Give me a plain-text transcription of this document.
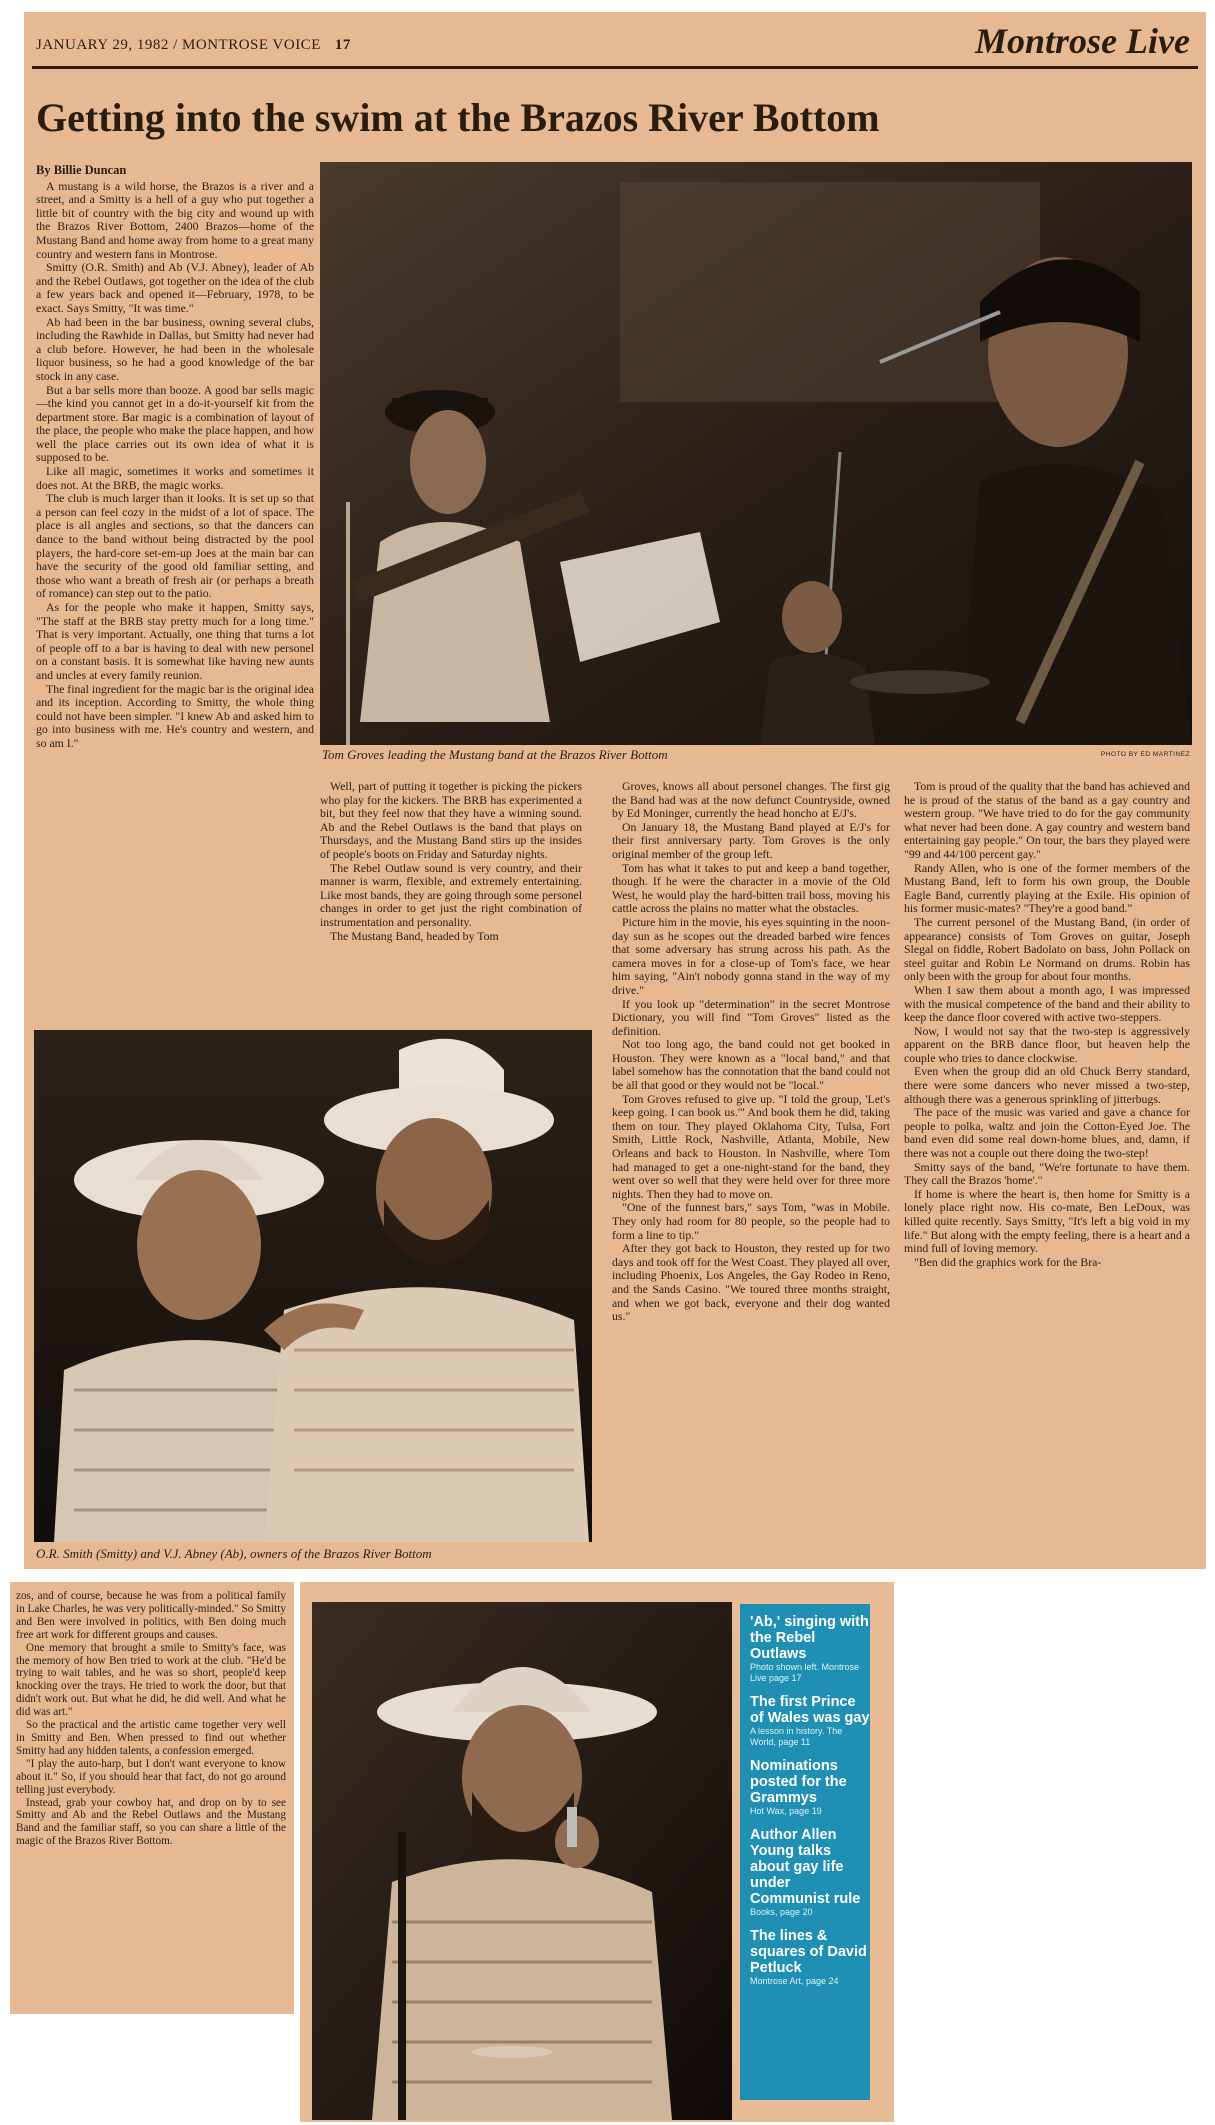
JANUARY 29, 1982 / MONTROSE VOICE 17	Montrose Live
Getting into the swim at the Brazos River Bottom
By Billie Duncan

A mustang is a wild horse, the Brazos is a river and a street, and a Smitty is a hell of a guy who put together a little bit of country with the big city and wound up with the Brazos River Bottom, 2400 Brazos—home of the Mustang Band and home away from home to a great many country and western fans in Montrose.

Smitty (O.R. Smith) and Ab (V.J. Abney), leader of Ab and the Rebel Outlaws, got together on the idea of the club a few years back and opened it—February, 1978, to be exact. Says Smitty, "It was time."

Ab had been in the bar business, owning several clubs, including the Rawhide in Dallas, but Smitty had never had a club before. However, he had been in the wholesale liquor business, so he had a good knowledge of the bar stock in any case.

But a bar sells more than booze. A good bar sells magic—the kind you cannot get in a do-it-yourself kit from the department store. Bar magic is a combination of layout of the place, the people who make the place happen, and how well the place carries out its own idea of what it is supposed to be.

Like all magic, sometimes it works and sometimes it does not. At the BRB, the magic works.

The club is much larger than it looks. It is set up so that a person can feel cozy in the midst of a lot of space. The place is all angles and sections, so that the dancers can dance to the band without being distracted by the pool players, the hard-core set-em-up Joes at the main bar can have the security of the good old familiar setting, and those who want a breath of fresh air (or perhaps a breath of romance) can step out to the patio.

As for the people who make it happen, Smitty says, "The staff at the BRB stay pretty much for a long time." That is very important. Actually, one thing that turns a lot of people off to a bar is having to deal with new personel on a constant basis. It is somewhat like having new aunts and uncles at every family reunion.

The final ingredient for the magic bar is the original idea and its inception. According to Smitty, the whole thing could not have been simpler. "I knew Ab and asked him to go into business with me. He's country and western, and so am I."

Tom Groves leading the Mustang band at the Brazos River Bottom	PHOTO BY ED MARTINEZ

Well, part of putting it together is picking the pickers who play for the kickers. The BRB has experimented a bit, but they feel now that they have a winning sound. Ab and the Rebel Outlaws is the band that plays on Thursdays, and the Mustang Band stirs up the insides of people's boots on Friday and Saturday nights.

The Rebel Outlaw sound is very country, and their manner is warm, flexible, and extremely entertaining. Like most bands, they are going through some personel changes in order to get just the right combination of instrumentation and personality.

The Mustang Band, headed by Tom

Groves, knows all about personel changes. The first gig the Band had was at the now defunct Countryside, owned by Ed Moninger, currently the head honcho at E/J's.

On January 18, the Mustang Band played at E/J's for their first anniversary party. Tom Groves is the only original member of the group left.

Tom has what it takes to put and keep a band together, though. If he were the character in a movie of the Old West, he would play the hard-bitten trail boss, moving his cattle across the plains no matter what the obstacles.

Picture him in the movie, his eyes squinting in the noon-day sun as he scopes out the dreaded barbed wire fences that some adversary has strung across his path. As the camera moves in for a close-up of Tom's face, we hear him saying, "Ain't nobody gonna stand in the way of my drive."

If you look up "determination" in the secret Montrose Dictionary, you will find "Tom Groves" listed as the definition.

Not too long ago, the band could not get booked in Houston. They were known as a "local band," and that label somehow has the connotation that the band could not be all that good or they would not be "local."

Tom Groves refused to give up. "I told the group, 'Let's keep going. I can book us.'" And book them he did, taking them on tour. They played Oklahoma City, Tulsa, Fort Smith, Little Rock, Nashville, Atlanta, Mobile, New Orleans and back to Houston. In Nashville, where Tom had managed to get a one-night-stand for the band, they went over so well that they were held over for three more nights. Then they had to move on.

"One of the funnest bars," says Tom, "was in Mobile. They only had room for 80 people, so the people had to form a line to tip."

After they got back to Houston, they rested up for two days and took off for the West Coast. They played all over, including Phoenix, Los Angeles, the Gay Rodeo in Reno, and the Sands Casino. "We toured three months straight, and when we got back, everyone and their dog wanted us."

Tom is proud of the quality that the band has achieved and he is proud of the status of the band as a gay country and western group. "We have tried to do for the gay community what never had been done. A gay country and western band entertaining gay people." On tour, the bars they played were "99 and 44/100 percent gay."

Randy Allen, who is one of the former members of the Mustang Band, left to form his own group, the Double Eagle Band, currently playing at the Exile. His opinion of his former music-mates? "They're a good band."

The current personel of the Mustang Band, (in order of appearance) consists of Tom Groves on guitar, Joseph Slegal on fiddle, Robert Badolato on bass, John Pollack on steel guitar and Robin Le Normand on drums. Robin has only been with the group for about four months.

When I saw them about a month ago, I was impressed with the musical competence of the band and their ability to keep the dance floor covered with active two-steppers.

Now, I would not say that the two-step is aggressively apparent on the BRB dance floor, but heaven help the couple who tries to dance clockwise.

Even when the group did an old Chuck Berry standard, there were some dancers who never missed a two-step, although there was a generous sprinkling of jitterbugs.

The pace of the music was varied and gave a chance for people to polka, waltz and join the Cotton-Eyed Joe. The band even did some real down-home blues, and, damn, if there was not a couple out there doing the two-step!

Smitty says of the band, "We're fortunate to have them. They call the Brazos 'home'."

If home is where the heart is, then home for Smitty is a lonely place right now. His co-mate, Ben LeDoux, was killed quite recently. Says Smitty, "It's left a big void in my life." But along with the empty feeling, there is a heart and a mind full of loving memory.

"Ben did the graphics work for the Bra-

O.R. Smith (Smitty) and V.J. Abney (Ab), owners of the Brazos River Bottom

zos, and of course, because he was from a political family in Lake Charles, he was very politically-minded." So Smitty and Ben were involved in politics, with Ben doing much free art work for different groups and causes.

One memory that brought a smile to Smitty's face, was the memory of how Ben tried to work at the club. "He'd be trying to wait tables, and he was so short, people'd keep knocking over the trays. He tried to work the door, but that didn't work out. But what he did, he did well. And what he did was art."

So the practical and the artistic came together very well in Smitty and Ben. When pressed to find out whether Smitty had any hidden talents, a confession emerged.

"I play the auto-harp, but I don't want everyone to know about it." So, if you should hear that fact, do not go around telling just everybody.

Instead, grab your cowboy hat, and drop on by to see Smitty and Ab and the Rebel Outlaws and the Mustang Band and the familiar staff, so you can share a little of the magic of the Brazos River Bottom.

'Ab,' singing with the Rebel Outlaws
Photo shown left. Montrose Live page 17
The first Prince of Wales was gay
A lesson in history. The World, page 11
Nominations posted for the Grammys
Hot Wax, page 19
Author Allen Young talks about gay life under Communist rule
Books, page 20
The lines & squares of David Petluck
Montrose Art, page 24
